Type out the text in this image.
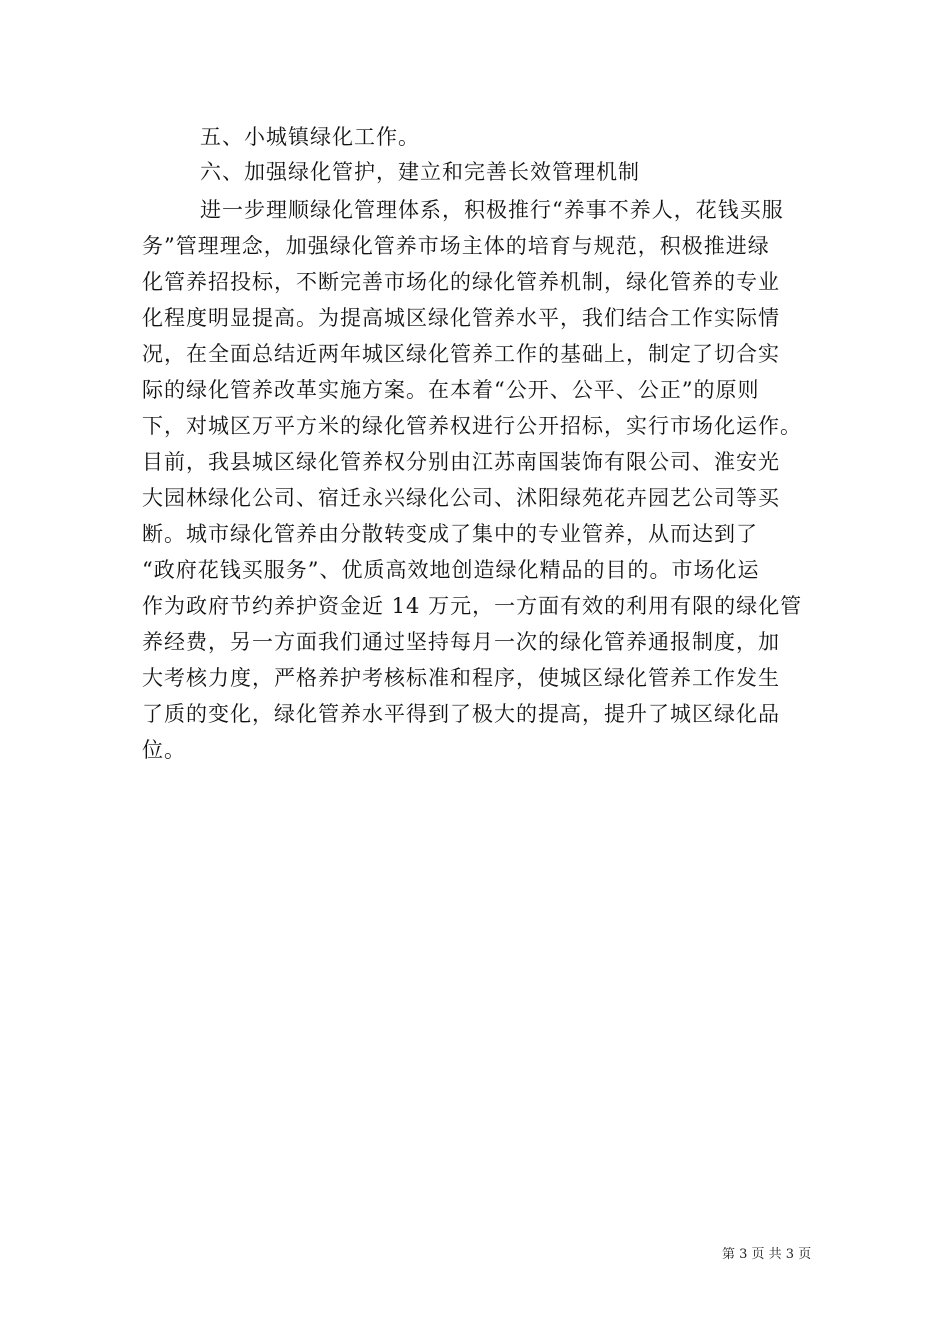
五、小城镇绿化工作。
六、加强绿化管护，建立和完善长效管理机制
进一步理顺绿化管理体系，积极推行“养事不养人，花钱买服
务”管理理念，加强绿化管养市场主体的培育与规范，积极推进绿
化管养招投标，不断完善市场化的绿化管养机制，绿化管养的专业
化程度明显提高。为提高城区绿化管养水平，我们结合工作实际情
况，在全面总结近两年城区绿化管养工作的基础上，制定了切合实
际的绿化管养改革实施方案。在本着“公开、公平、公正”的原则
下，对城区万平方米的绿化管养权进行公开招标，实行市场化运作。
目前，我县城区绿化管养权分别由江苏南国装饰有限公司、淮安光
大园林绿化公司、宿迁永兴绿化公司、沭阳绿苑花卉园艺公司等买
断。城市绿化管养由分散转变成了集中的专业管养，从而达到了
“政府花钱买服务”、优质高效地创造绿化精品的目的。市场化运
作为政府节约养护资金近 14 万元，一方面有效的利用有限的绿化管
养经费，另一方面我们通过坚持每月一次的绿化管养通报制度，加
大考核力度，严格养护考核标准和程序，使城区绿化管养工作发生
了质的变化，绿化管养水平得到了极大的提高，提升了城区绿化品
位。
第 3 页 共 3 页
